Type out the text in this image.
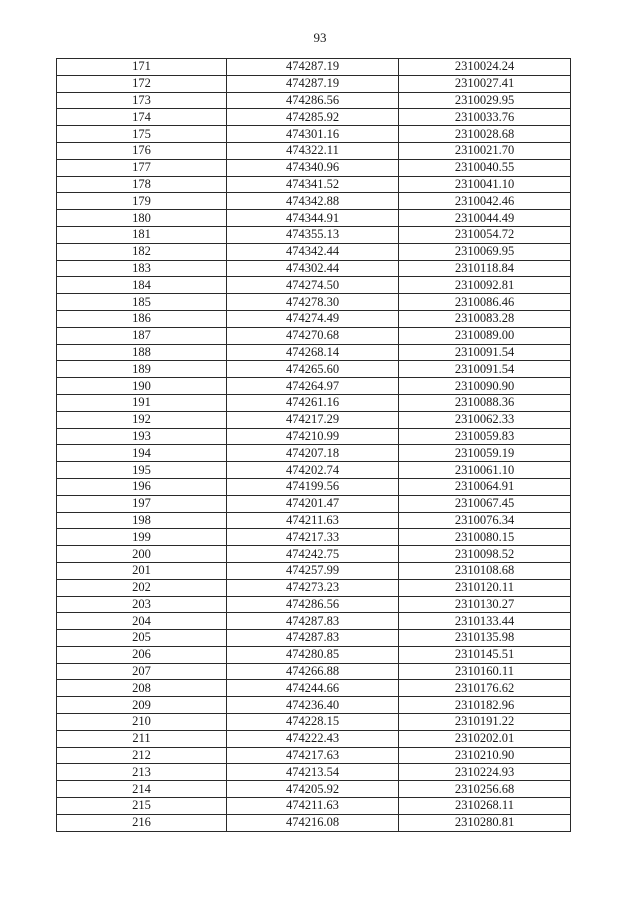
93
171	474287.19	2310024.24
172	474287.19	2310027.41
173	474286.56	2310029.95
174	474285.92	2310033.76
175	474301.16	2310028.68
176	474322.11	2310021.70
177	474340.96	2310040.55
178	474341.52	2310041.10
179	474342.88	2310042.46
180	474344.91	2310044.49
181	474355.13	2310054.72
182	474342.44	2310069.95
183	474302.44	2310118.84
184	474274.50	2310092.81
185	474278.30	2310086.46
186	474274.49	2310083.28
187	474270.68	2310089.00
188	474268.14	2310091.54
189	474265.60	2310091.54
190	474264.97	2310090.90
191	474261.16	2310088.36
192	474217.29	2310062.33
193	474210.99	2310059.83
194	474207.18	2310059.19
195	474202.74	2310061.10
196	474199.56	2310064.91
197	474201.47	2310067.45
198	474211.63	2310076.34
199	474217.33	2310080.15
200	474242.75	2310098.52
201	474257.99	2310108.68
202	474273.23	2310120.11
203	474286.56	2310130.27
204	474287.83	2310133.44
205	474287.83	2310135.98
206	474280.85	2310145.51
207	474266.88	2310160.11
208	474244.66	2310176.62
209	474236.40	2310182.96
210	474228.15	2310191.22
211	474222.43	2310202.01
212	474217.63	2310210.90
213	474213.54	2310224.93
214	474205.92	2310256.68
215	474211.63	2310268.11
216	474216.08	2310280.81
